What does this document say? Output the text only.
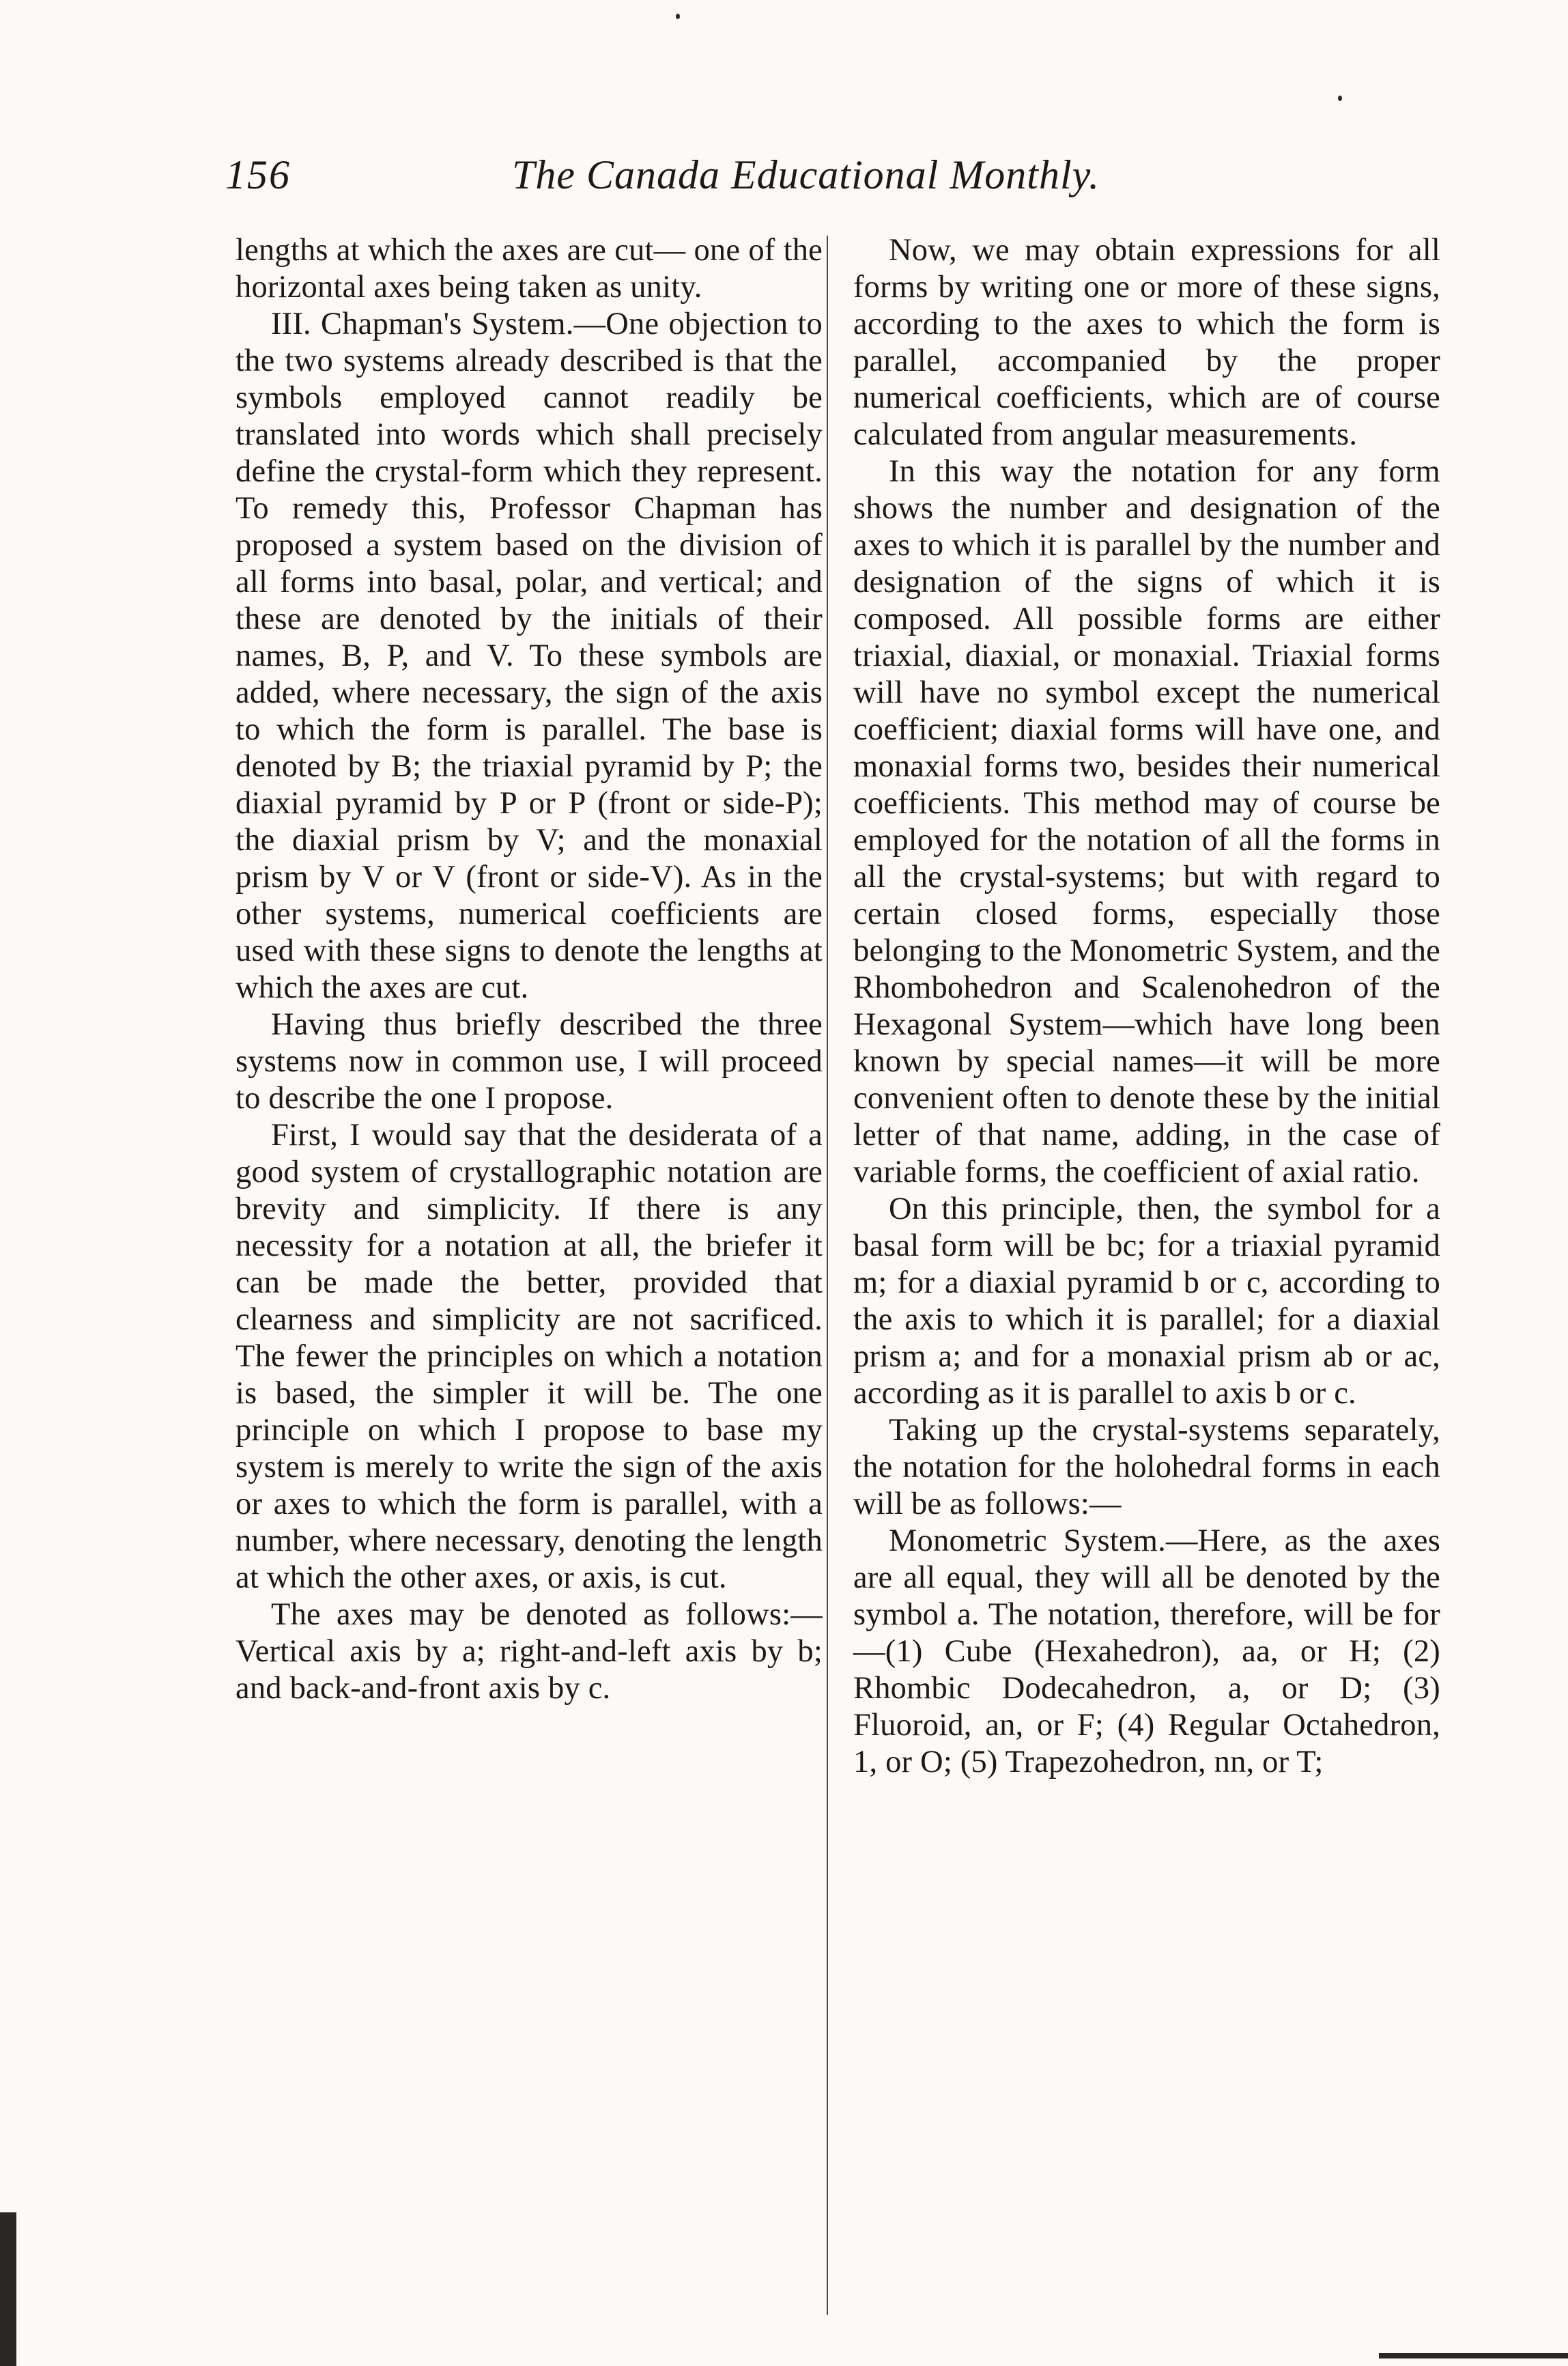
156	The Canada Educational Monthly.

lengths at which the axes are cut— one of the horizontal axes being taken as unity.

III. Chapman's System.—One objection to the two systems already described is that the symbols employed cannot readily be translated into words which shall precisely define the crystal-form which they represent. To remedy this, Professor Chapman has proposed a system based on the division of all forms into basal, polar, and vertical; and these are denoted by the initials of their names, B, P, and V. To these symbols are added, where necessary, the sign of the axis to which the form is parallel. The base is denoted by B; the triaxial pyramid by P; the diaxial pyramid by P or P (front or side-P); the diaxial prism by V; and the monaxial prism by V or V (front or side-V). As in the other systems, numerical coefficients are used with these signs to denote the lengths at which the axes are cut.

Having thus briefly described the three systems now in common use, I will proceed to describe the one I propose.

First, I would say that the desiderata of a good system of crystallographic notation are brevity and simplicity. If there is any necessity for a notation at all, the briefer it can be made the better, provided that clearness and simplicity are not sacrificed. The fewer the principles on which a notation is based, the simpler it will be. The one principle on which I propose to base my system is merely to write the sign of the axis or axes to which the form is parallel, with a number, where necessary, denoting the length at which the other axes, or axis, is cut.

The axes may be denoted as follows:—Vertical axis by a; right-and-left axis by b; and back-and-front axis by c.

Now, we may obtain expressions for all forms by writing one or more of these signs, according to the axes to which the form is parallel, accompanied by the proper numerical coefficients, which are of course calculated from angular measurements.

In this way the notation for any form shows the number and designation of the axes to which it is parallel by the number and designation of the signs of which it is composed. All possible forms are either triaxial, diaxial, or monaxial. Triaxial forms will have no symbol except the numerical coefficient; diaxial forms will have one, and monaxial forms two, besides their numerical coefficients. This method may of course be employed for the notation of all the forms in all the crystal-systems; but with regard to certain closed forms, especially those belonging to the Monometric System, and the Rhombohedron and Scalenohedron of the Hexagonal System—which have long been known by special names—it will be more convenient often to denote these by the initial letter of that name, adding, in the case of variable forms, the coefficient of axial ratio.

On this principle, then, the symbol for a basal form will be bc; for a triaxial pyramid m; for a diaxial pyramid b or c, according to the axis to which it is parallel; for a diaxial prism a; and for a monaxial prism ab or ac, according as it is parallel to axis b or c.

Taking up the crystal-systems separately, the notation for the holohedral forms in each will be as follows:—

Monometric System.—Here, as the axes are all equal, they will all be denoted by the symbol a. The notation, therefore, will be for—(1) Cube (Hexahedron), aa, or H; (2) Rhombic Dodecahedron, a, or D; (3) Fluoroid, an, or F; (4) Regular Octahedron, 1, or O; (5) Trapezohedron, nn, or T;
